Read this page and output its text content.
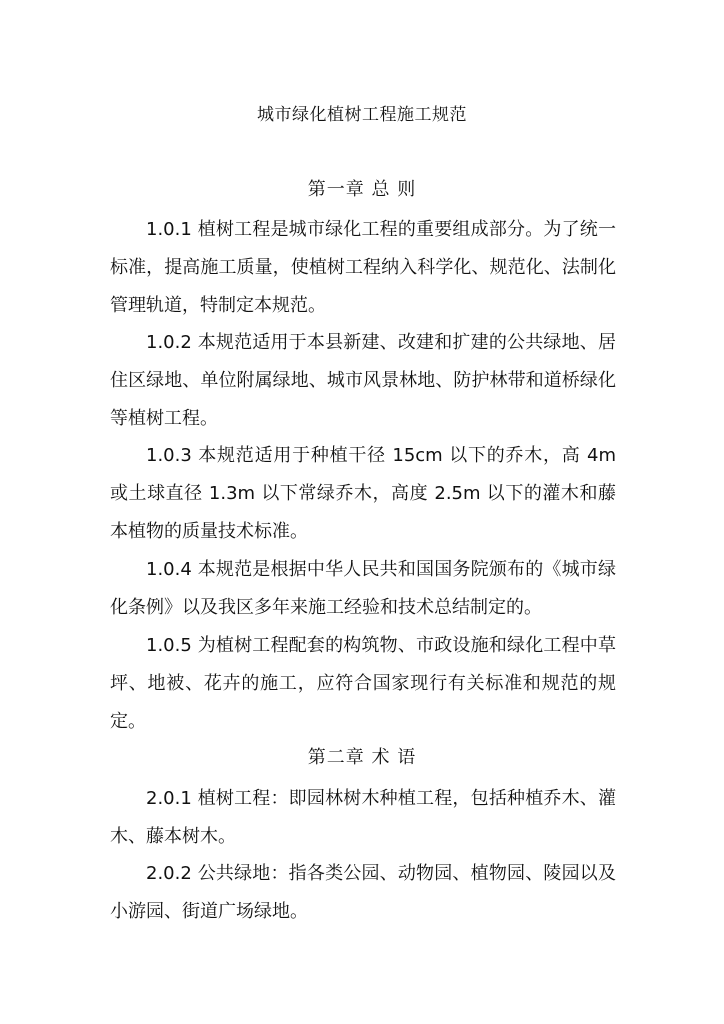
城市绿化植树工程施工规范
第一章 总 则

1.0.1 植树工程是城市绿化工程的重要组成部分。为了统一标准，提高施工质量，使植树工程纳入科学化、规范化、法制化管理轨道，特制定本规范。

1.0.2 本规范适用于本县新建、改建和扩建的公共绿地、居住区绿地、单位附属绿地、城市风景林地、防护林带和道桥绿化等植树工程。

1.0.3 本规范适用于种植干径 15cm 以下的乔木，高 4m 或土球直径 1.3m 以下常绿乔木，高度 2.5m 以下的灌木和藤本植物的质量技术标准。

1.0.4 本规范是根据中华人民共和国国务院颁布的《城市绿化条例》以及我区多年来施工经验和技术总结制定的。

1.0.5 为植树工程配套的构筑物、市政设施和绿化工程中草坪、地被、花卉的施工，应符合国家现行有关标准和规范的规定。

第二章 术 语

2.0.1 植树工程：即园林树木种植工程，包括种植乔木、灌木、藤本树木。

2.0.2 公共绿地：指各类公园、动物园、植物园、陵园以及小游园、街道广场绿地。
